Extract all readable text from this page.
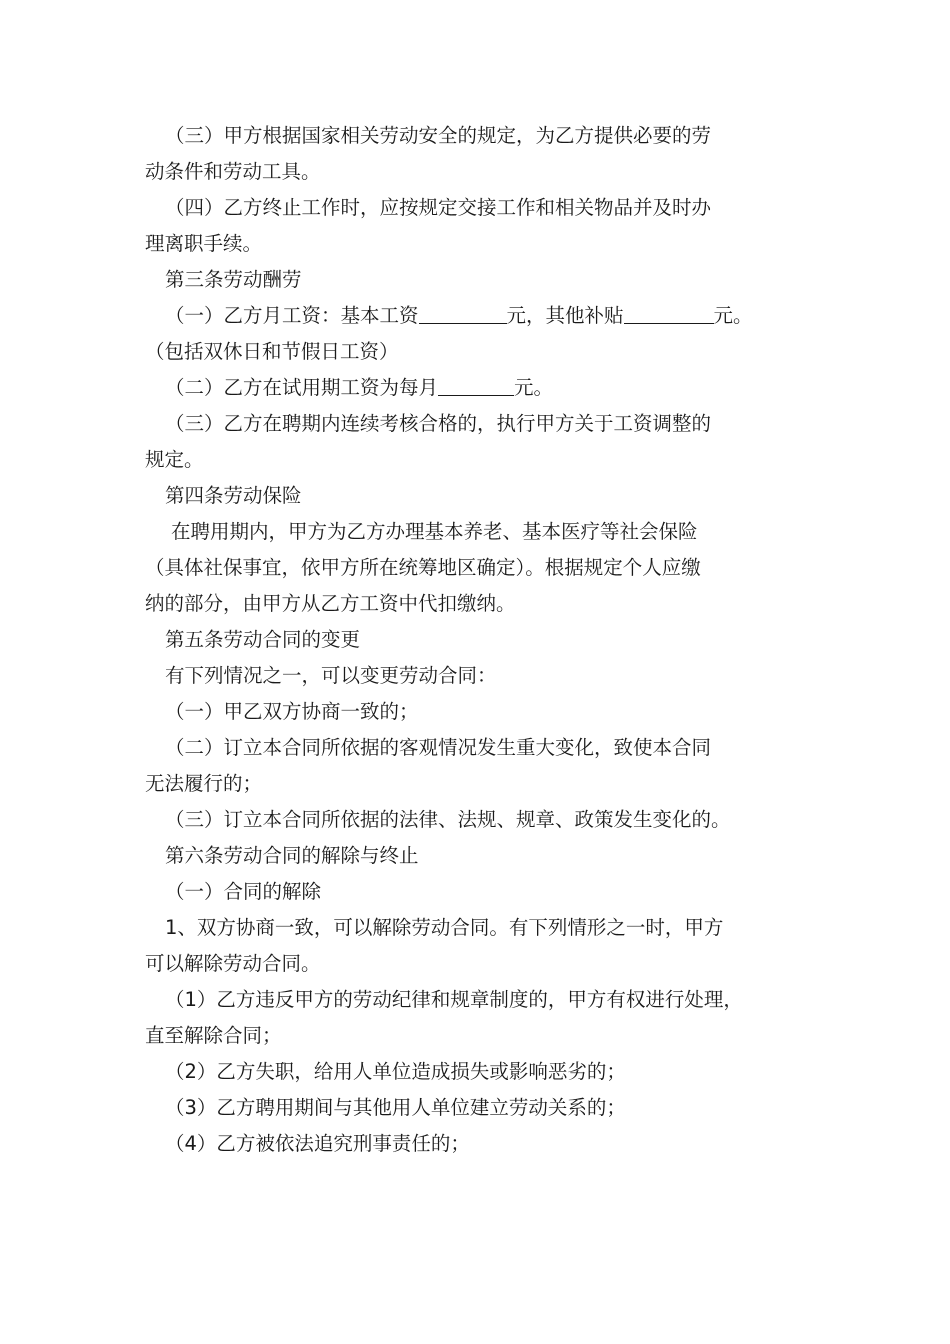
（三）甲方根据国家相关劳动安全的规定，为乙方提供必要的劳
动条件和劳动工具。
（四）乙方终止工作时，应按规定交接工作和相关物品并及时办
理离职手续。
第三条劳动酬劳
（一）乙方月工资：基本工资	元，其他补贴	元。
（包括双休日和节假日工资）
（二）乙方在试用期工资为每月	元。
（三）乙方在聘期内连续考核合格的，执行甲方关于工资调整的
规定。
第四条劳动保险
在聘用期内，甲方为乙方办理基本养老、基本医疗等社会保险
（具体社保事宜，依甲方所在统筹地区确定）。根据规定个人应缴
纳的部分，由甲方从乙方工资中代扣缴纳。
第五条劳动合同的变更
有下列情况之一，可以变更劳动合同：
（一）甲乙双方协商一致的；
（二）订立本合同所依据的客观情况发生重大变化，致使本合同
无法履行的；
（三）订立本合同所依据的法律、法规、规章、政策发生变化的。
第六条劳动合同的解除与终止
（一）合同的解除
1、双方协商一致，可以解除劳动合同。有下列情形之一时，甲方
可以解除劳动合同。
（1）乙方违反甲方的劳动纪律和规章制度的，甲方有权进行处理，
直至解除合同；
（2）乙方失职，给用人单位造成损失或影响恶劣的；
（3）乙方聘用期间与其他用人单位建立劳动关系的；
（4）乙方被依法追究刑事责任的；
